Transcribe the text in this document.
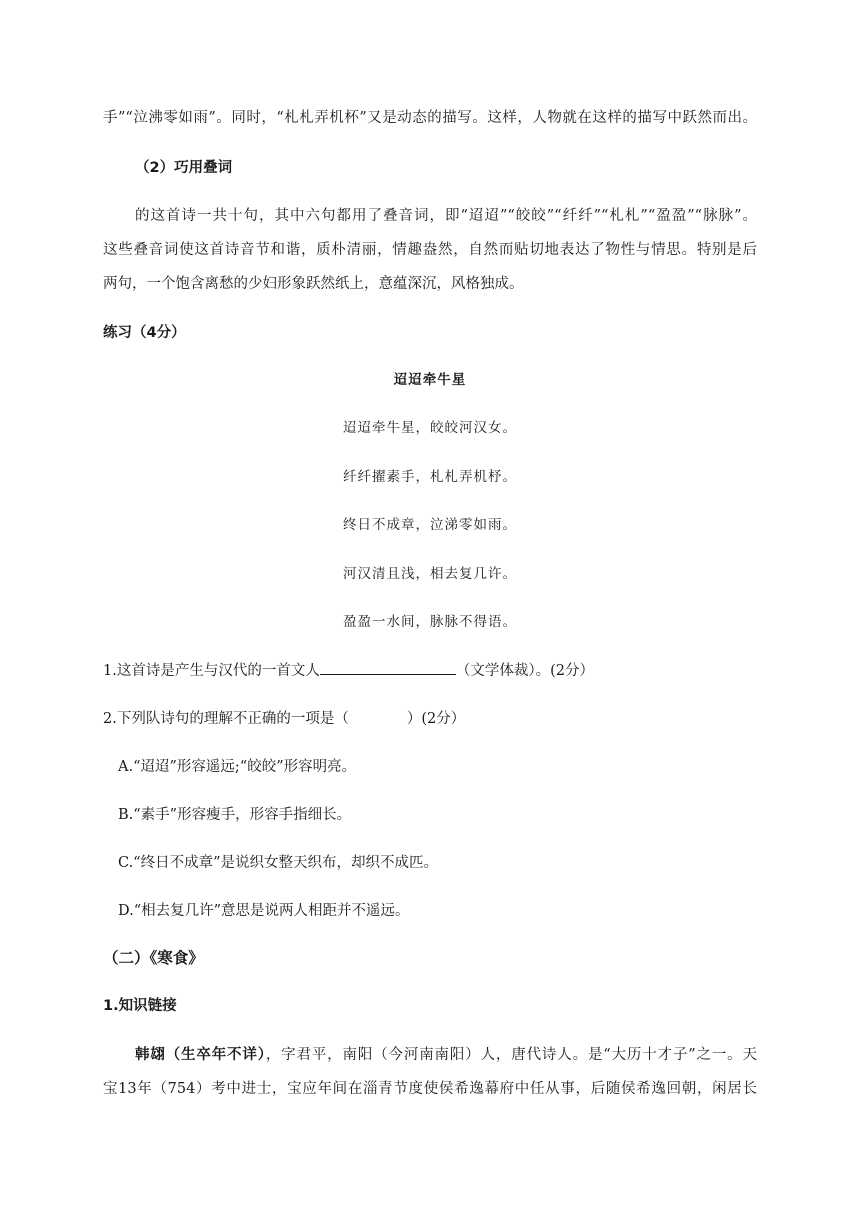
手”“泣沸零如雨”。同时，“札札弄机杯”又是动态的描写。这样，人物就在这样的描写中跃然而出。
（2）巧用叠词
的这首诗一共十句，其中六句都用了叠音词，即“迢迢”“皎皎”“纤纤”“札札”“盈盈”“脉脉”。
这些叠音词使这首诗音节和谐，质朴清丽，情趣盎然，自然而贴切地表达了物性与情思。特别是后
两句，一个饱含离愁的少妇形象跃然纸上，意蕴深沉，风格独成。
练习（4分）
迢迢牵牛星
迢迢牵牛星，皎皎河汉女。
纤纤擢素手，札札弄机杼。
终日不成章，泣涕零如雨。
河汉清且浅，相去复几许。
盈盈一水间，脉脉不得语。
1.这首诗是产生与汉代的一首文人	（文学体裁）。(2分）
2.下列队诗句的理解不正确的一项是（	）(2分）
A.“迢迢”形容遥远;“皎皎”形容明亮。
B.“素手”形容瘦手，形容手指细长。
C.“终日不成章”是说织女整天织布，却织不成匹。
D.“相去复几许”意思是说两人相距并不遥远。
（二）《寒食》
1.知识链接
韩翃（生卒年不详），字君平，南阳（今河南南阳）人，唐代诗人。是“大历十才子”之一。天
宝13年（754）考中进士，宝应年间在淄青节度使侯希逸幕府中任从事，后随侯希逸回朝，闲居长
